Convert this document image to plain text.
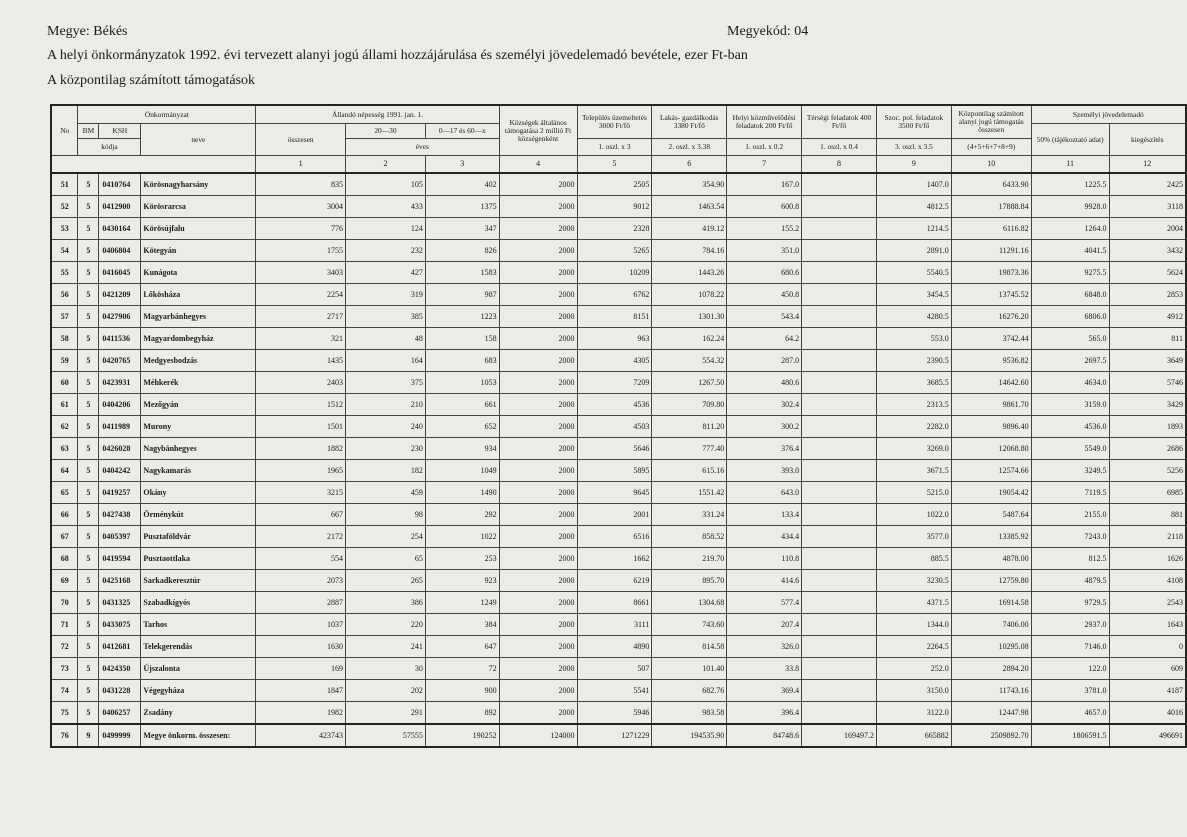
Megye: Békés	Megyekód: 04
A helyi önkormányzatok 1992. évi tervezett alanyi jogú állami hozzájárulása és személyi jövedelemadó bevétele, ezer Ft-ban
A központilag számított támogatások
No	Önkormányzat			Állandó népesség 1991. jan. 1.			Községek általános támogatása 2 millió Ft községenként	Település üzemeltetés 3000 Ft/fő	Lakás- gazdálkodás 3380 Ft/fő	Helyi közművelődési feladatok 200 Ft/fő	Térségi feladatok 400 Ft/fő	Szoc. pol. feladatok 3500 Ft/fő	Központilag számított alanyi jogú támogatás összesen	Személyi jövedelemadó	
	BM	KSH	neve	összesen	20—30	0—17 és 60—x								50% (tájékoztató adat)	kiegészítés
	kódja				éves			1. oszl. x 3	2. oszl. x 3.38	1. oszl. x 0.2	1. oszl. x 0.4	3. oszl. x 3.5	(4+5+6+7+8+9)		
				1	2	3	4	5	6	7	8	9	10	11	12
51	5	0410764	Körösnagyharsány	835	105	402	2000	2505	354.90	167.0		1407.0	6433.90	1225.5	2425
52	5	0412900	Körösrarcsa	3004	433	1375	2000	9012	1463.54	600.8		4812.5	17888.84	9928.0	3118
53	5	0430164	Körösújfalu	776	124	347	2000	2328	419.12	155.2		1214.5	6116.82	1264.0	2004
54	5	0406804	Kötegyán	1755	232	826	2000	5265	784.16	351.0		2891.0	11291.16	4041.5	3432
55	5	0416045	Kunágota	3403	427	1583	2000	10209	1443.26	680.6		5540.5	19873.36	9275.5	5624
56	5	0421209	Lőkösháza	2254	319	987	2000	6762	1078.22	450.8		3454.5	13745.52	6848.0	2853
57	5	0427906	Magyarbánhegyes	2717	385	1223	2000	8151	1301.30	543.4		4280.5	16276.20	6806.0	4912
58	5	0411536	Magyardombegyház	321	48	158	2000	963	162.24	64.2		553.0	3742.44	565.0	811
59	5	0420765	Medgyesbodzás	1435	164	683	2000	4305	554.32	287.0		2390.5	9536.82	2697.5	3649
60	5	0423931	Méhkerék	2403	375	1053	2000	7209	1267.50	480.6		3685.5	14642.60	4634.0	5746
61	5	0404206	Mezőgyán	1512	210	661	2000	4536	709.80	302.4		2313.5	9861.70	3159.0	3429
62	5	0411989	Murony	1501	240	652	2000	4503	811.20	300.2		2282.0	9896.40	4536.0	1893
63	5	0426028	Nagybánhegyes	1882	230	934	2000	5646	777.40	376.4		3269.0	12068.80	5549.0	2686
64	5	0404242	Nagykamarás	1965	182	1049	2000	5895	615.16	393.0		3671.5	12574.66	3249.5	5256
65	5	0419257	Okány	3215	459	1490	2000	9645	1551.42	643.0		5215.0	19054.42	7119.5	6985
66	5	0427438	Örménykút	667	98	292	2000	2001	331.24	133.4		1022.0	5487.64	2155.0	881
67	5	0405397	Pusztaföldvár	2172	254	1022	2000	6516	858.52	434.4		3577.0	13385.92	7243.0	2118
68	5	0419594	Pusztaottlaka	554	65	253	2000	1662	219.70	110.8		885.5	4878.00	812.5	1626
69	5	0425168	Sarkadkeresztúr	2073	265	923	2000	6219	895.70	414.6		3230.5	12759.80	4879.5	4108
70	5	0431325	Szabadkígyós	2887	386	1249	2000	8661	1304.68	577.4		4371.5	16914.58	9729.5	2543
71	5	0433075	Tarhos	1037	220	384	2000	3111	743.60	207.4		1344.0	7406.00	2937.0	1643
72	5	0412681	Telekgerendás	1630	241	647	2000	4890	814.58	326.0		2264.5	10295.08	7146.0	0
73	5	0424350	Újszalonta	169	30	72	2000	507	101.40	33.8		252.0	2894.20	122.0	609
74	5	0431228	Végegyháza	1847	202	900	2000	5541	682.76	369.4		3150.0	11743.16	3781.0	4187
75	5	0406257	Zsadány	1982	291	892	2000	5946	983.58	396.4		3122.0	12447.98	4657.0	4016
76	9	0499999	Megye önkorm. összesen:	423743	57555	190252	124000	1271229	194535.90	84748.6	169497.2	665882	2509892.70	1806591.5	496691
